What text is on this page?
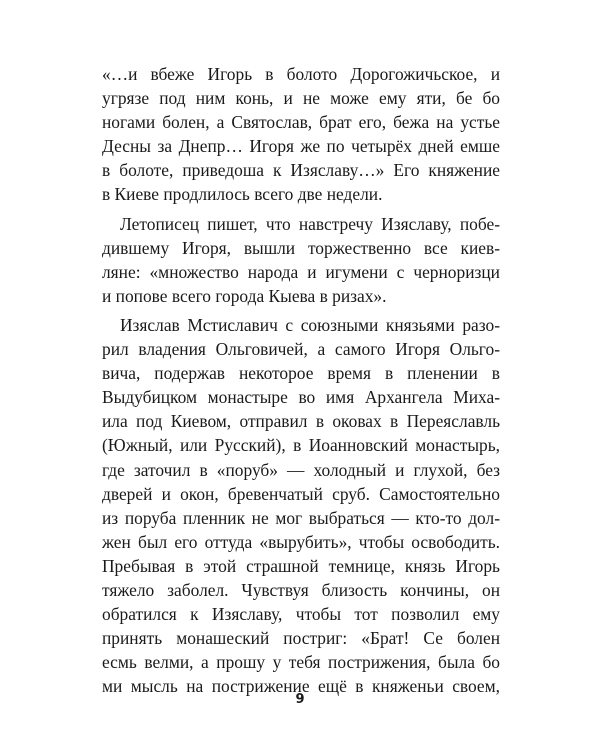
«…и вбеже Игорь в болото Дорогожичьское, и
угрязе под ним конь, и не може ему яти, бе бо
ногами болен, а Святослав, брат его, бежа на устье
Десны за Днепр… Игоря же по четырёх дней емше
в болоте, приведоша к Изяславу…» Его княжение
в Киеве продлилось всего две недели.
Летописец пишет, что навстречу Изяславу, побе-
дившему Игоря, вышли торжественно все киев-
ляне: «множество народа и игумени с черноризци
и попове всего города Кыева в ризах».
Изяслав Мстиславич с союзными князьями разо-
рил владения Ольговичей, а самого Игоря Ольго-
вича, подержав некоторое время в пленении в
Выдубицком монастыре во имя Архангела Миха-
ила под Киевом, отправил в оковах в Переяславль
(Южный, или Русский), в Иоанновский монастырь,
где заточил в «поруб» — холодный и глухой, без
дверей и окон, бревенчатый сруб. Самостоятельно
из поруба пленник не мог выбраться — кто-то дол-
жен был его оттуда «вырубить», чтобы освободить.
Пребывая в этой страшной темнице, князь Игорь
тяжело заболел. Чувствуя близость кончины, он
обратился к Изяславу, чтобы тот позволил ему
принять монашеский постриг: «Брат! Се болен
есмь велми, а прошу у тебя пострижения, была бо
ми мысль на пострижение ещё в княженьи своем,
9
